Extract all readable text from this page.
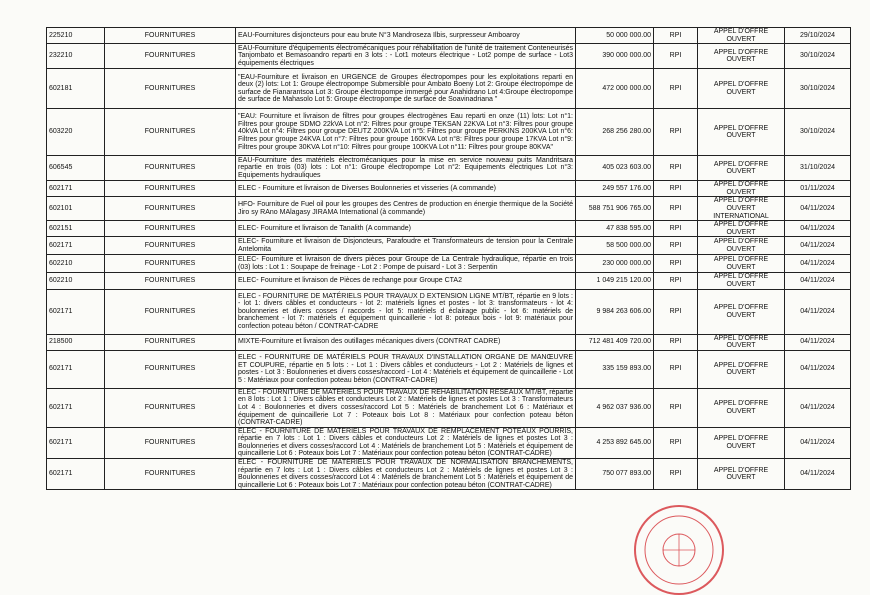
225210	FOURNITURES	EAU-Fournitures disjoncteurs pour eau brute N°3 Mandroseza Ilbis, surpresseur Amboaroy	50 000 000.00	RPI	APPEL D'OFFRE OUVERT	29/10/2024
232210	FOURNITURES	EAU-Fourniture d'équipements électromécaniques pour réhabilitation de l'unité de traitement Conteneurisés Tanjombato et Bemasoandro reparti en 3 lots : - Lot1 moteurs électrique - Lot2 pompe de surface - Lot3 équipements électriques	390 000 000.00	RPI	APPEL D'OFFRE OUVERT	30/10/2024
602181	FOURNITURES	"EAU-Fourniture et livraison en URGENCE de Groupes électropompes pour les exploitations reparti en deux (2) lots: Lot 1: Groupe électropompe Submersible pour Ambato Boeny Lot 2: Groupe électropompe de surface de Fianarantsoa Lot 3: Groupe électropompe immergé pour Anahidrano Lot 4:Groupe électropompe de surface de Mahasolo Lot 5: Groupe électropompe de surface de Soavinadriana "	472 000 000.00	RPI	APPEL D'OFFRE OUVERT	30/10/2024
603220	FOURNITURES	"EAU: Fourniture et livraison de filtres pour groupes électrogènes Eau reparti en onze (11) lots: Lot n°1: Filtres pour groupe SDMO 22kVA Lot n°2: Filtres pour groupe TEKSAN 22KVA Lot n°3: Filtres pour groupe 40kVA Lot n°4: Filtres pour groupe DEUTZ 200KVA Lot n°5: Filtres pour groupe PERKINS 200KVA Lot n°6: Filtres pour groupe 24KVA Lot n°7: Filtres pour groupe 160KVA Lot n°8: Filtres pour groupe 17KVA Lot n°9: Filtres pour groupe 30KVA Lot n°10: Filtres pour groupe 100KVA Lot n°11: Filtres pour groupe 80KVA"	268 256 280.00	RPI	APPEL D'OFFRE OUVERT	30/10/2024
606545	FOURNITURES	EAU-Fourniture des matériels électromécaniques pour la mise en service nouveau puits Mandritsara repartie en trois (03) lots : Lot n°1: Groupe électropompe Lot n°2: Equipements électriques Lot n°3: Equipements hydrauliques	405 023 603.00	RPI	APPEL D'OFFRE OUVERT	31/10/2024
602171	FOURNITURES	ELEC - Fourniture et livraison de Diverses Boulonneries et visseries (A commande)	249 557 176.00	RPI	APPEL D'OFFRE OUVERT	01/11/2024
602101	FOURNITURES	HFO- Fourniture de Fuel oil pour les groupes des Centres de production en énergie thermique de la Société Jiro sy RAno MAlagasy JIRAMA International (à commande)	588 751 906 765.00	RPI	APPEL D'OFFRE OUVERT INTERNATIONAL	04/11/2024
602151	FOURNITURES	ELEC- Fourniture et livraison de Tanalith (A commande)	47 838 595.00	RPI	APPEL D'OFFRE OUVERT	04/11/2024
602171	FOURNITURES	ELEC- Fourniture et livraison de Disjoncteurs, Parafoudre et Transformateurs de tension pour la Centrale Antelomita	58 500 000.00	RPI	APPEL D'OFFRE OUVERT	04/11/2024
602210	FOURNITURES	ELEC- Fourniture et livraison de divers pièces pour Groupe de La Centrale hydraulique, répartie en trois (03) lots : Lot 1 : Soupape de freinage - Lot 2 : Pompe de puisard - Lot 3 : Serpentin	230 000 000.00	RPI	APPEL D'OFFRE OUVERT	04/11/2024
602210	FOURNITURES	ELEC- Fourniture et livraison de Pièces de rechange pour Groupe CTA2	1 049 215 120.00	RPI	APPEL D'OFFRE OUVERT	04/11/2024
602171	FOURNITURES	ELEC - FOURNITURE DE MATÉRIELS POUR TRAVAUX D EXTENSION LIGNE MT/BT, répartie en 9 lots : - lot 1: divers câbles et conducteurs - lot 2: matériels lignes et postes - lot 3: transformateurs - lot 4: boulonneries et divers cosses / raccords - lot 5: matériels d éclairage public - lot 6: matériels de branchement - lot 7: matériels et équipement quincaillerie - lot 8: poteaux bois - lot 9: matériaux pour confection poteau béton / CONTRAT-CADRE	9 984 263 606.00	RPI	APPEL D'OFFRE OUVERT	04/11/2024
218500	FOURNITURES	MIXTE-Fourniture et livraison des outillages mécaniques divers (CONTRAT CADRE)	712 481 409 720.00	RPI	APPEL D'OFFRE OUVERT	04/11/2024
602171	FOURNITURES	ELEC - FOURNITURE DE MATÉRIELS POUR TRAVAUX D'INSTALLATION ORGANE DE MANŒUVRE ET COUPURE, répartie en 5 lots : - Lot 1 : Divers câbles et conducteurs - Lot 2 : Matériels de lignes et postes - Lot 3 : Boulonneries et divers cosses/raccord - Lot 4 : Matériels et équipement de quincaillerie - Lot 5 : Matériaux pour confection poteau béton (CONTRAT-CADRE)	335 159 893.00	RPI	APPEL D'OFFRE OUVERT	04/11/2024
602171	FOURNITURES	ELEC - FOURNITURE DE MATÉRIELS POUR TRAVAUX DE RÉHABILITATION RÉSEAUX MT/BT, répartie en 8 lots : Lot 1 : Divers câbles et conducteurs Lot 2 : Matériels de lignes et postes Lot 3 : Transformateurs Lot 4 : Boulonneries et divers cosses/raccord Lot 5 : Matériels de branchement Lot 6 : Matériaux et équipement de quincaillerie Lot 7 : Poteaux bois Lot 8 : Matériaux pour confection poteau béton (CONTRAT-CADRE)	4 962 037 936.00	RPI	APPEL D'OFFRE OUVERT	04/11/2024
602171	FOURNITURES	ELEC - FOURNITURE DE MATÉRIELS POUR TRAVAUX DE REMPLACEMENT POTEAUX POURRIS, répartie en 7 lots : Lot 1 : Divers câbles et conducteurs Lot 2 : Matériels de lignes et postes Lot 3 : Boulonneries et divers cosses/raccord Lot 4 : Matériels de branchement Lot 5 : Matériels et équipement de quincaillerie Lot 6 : Poteaux bois Lot 7 : Matériaux pour confection poteau béton (CONTRAT-CADRE)	4 253 892 645.00	RPI	APPEL D'OFFRE OUVERT	04/11/2024
602171	FOURNITURES	ELEC - FOURNITURE DE MATERIELS POUR TRAVAUX DE NORMALISATION BRANCHEMENTS, répartie en 7 lots : Lot 1 : Divers câbles et conducteurs Lot 2 : Matériels de lignes et postes Lot 3 : Boulonneries et divers cosses/raccord Lot 4 : Matériels de branchement Lot 5 : Matériels et équipement de quincaillerie Lot 6 : Poteaux bois Lot 7 : Matériaux pour confection poteau béton (CONTRAT-CADRE)	750 077 893.00	RPI	APPEL D'OFFRE OUVERT	04/11/2024
